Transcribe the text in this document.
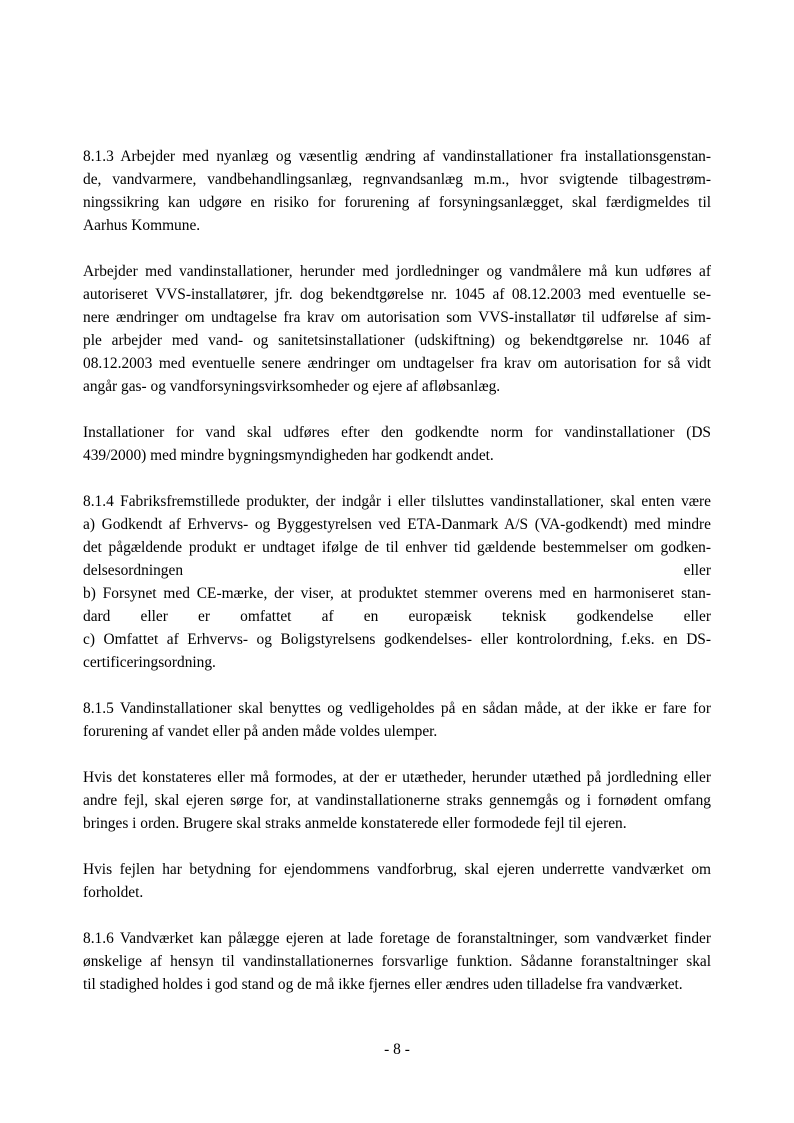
8.1.3 Arbejder med nyanlæg og væsentlig ændring af vandinstallationer fra installationsgenstan-
de, vandvarmere, vandbehandlingsanlæg, regnvandsanlæg m.m., hvor svigtende tilbagestrøm-
ningssikring kan udgøre en risiko for forurening af forsyningsanlægget, skal færdigmeldes til
Aarhus Kommune.
Arbejder med vandinstallationer, herunder med jordledninger og vandmålere må kun udføres af
autoriseret VVS-installatører, jfr. dog bekendtgørelse nr. 1045 af 08.12.2003 med eventuelle se-
nere ændringer om undtagelse fra krav om autorisation som VVS-installatør til udførelse af sim-
ple arbejder med vand- og sanitetsinstallationer (udskiftning) og bekendtgørelse nr. 1046 af
08.12.2003 med eventuelle senere ændringer om undtagelser fra krav om autorisation for så vidt
angår gas- og vandforsyningsvirksomheder og ejere af afløbsanlæg.
Installationer for vand skal udføres efter den godkendte norm for vandinstallationer (DS
439/2000) med mindre bygningsmyndigheden har godkendt andet.
8.1.4 Fabriksfremstillede produkter, der indgår i eller tilsluttes vandinstallationer, skal enten være
a) Godkendt af Erhvervs- og Byggestyrelsen ved ETA-Danmark A/S (VA-godkendt) med mindre
det pågældende produkt er undtaget ifølge de til enhver tid gældende bestemmelser om godken-
delsesordningen eller
b) Forsynet med CE-mærke, der viser, at produktet stemmer overens med en harmoniseret stan-
dard eller er omfattet af en europæisk teknisk godkendelse eller
c) Omfattet af Erhvervs- og Boligstyrelsens godkendelses- eller kontrolordning, f.eks. en DS-
certificeringsordning.
8.1.5 Vandinstallationer skal benyttes og vedligeholdes på en sådan måde, at der ikke er fare for
forurening af vandet eller på anden måde voldes ulemper.
Hvis det konstateres eller må formodes, at der er utætheder, herunder utæthed på jordledning eller
andre fejl, skal ejeren sørge for, at vandinstallationerne straks gennemgås og i fornødent omfang
bringes i orden. Brugere skal straks anmelde konstaterede eller formodede fejl til ejeren.
Hvis fejlen har betydning for ejendommens vandforbrug, skal ejeren underrette vandværket om
forholdet.
8.1.6 Vandværket kan pålægge ejeren at lade foretage de foranstaltninger, som vandværket finder
ønskelige af hensyn til vandinstallationernes forsvarlige funktion. Sådanne foranstaltninger skal
til stadighed holdes i god stand og de må ikke fjernes eller ændres uden tilladelse fra vandværket.
- 8 -
